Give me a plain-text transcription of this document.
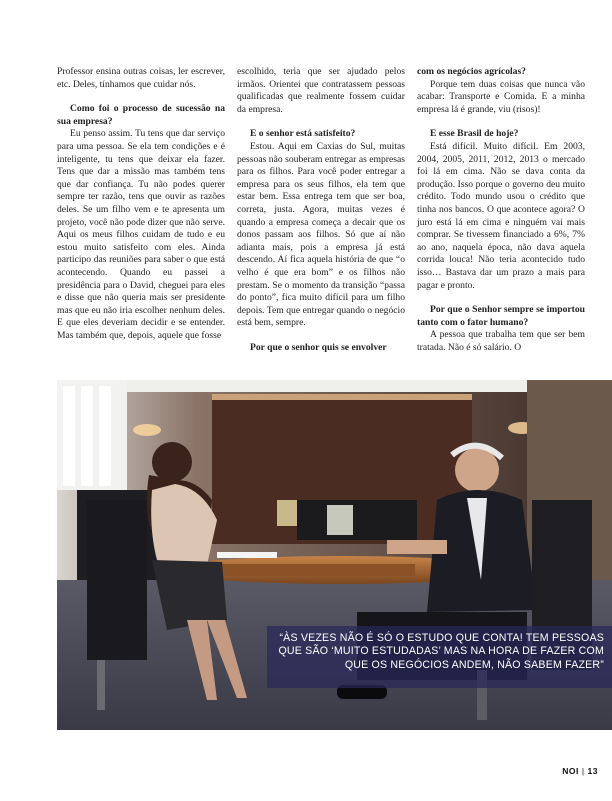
Professor ensina outras coisas, ler escrever, etc. Deles, tínhamos que cuidar nós.

Como foi o processo de sucessão na sua empresa?

Eu penso assim. Tu tens que dar serviço para uma pessoa. Se ela tem condições e é inteligente, tu tens que deixar ela fazer. Tens que dar a missão mas também tens que dar confiança. Tu não podes querer sempre ter razão, tens que ouvir as razões deles. Se um filho vem e te apresenta um projeto, você não pode dizer que não serve. Aqui os meus filhos cuidam de tudo e eu estou muito satisfeito com eles. Ainda participo das reuniões para saber o que está acontecendo. Quando eu passei a presidência para o David, cheguei para eles e disse que não queria mais ser presidente mas que eu não iria escolher nenhum deles. E que eles deveriam decidir e se entender. Mas também que, depois, aquele que fosse

escolhido, teria que ser ajudado pelos irmãos. Orientei que contratassem pessoas qualificadas que realmente fossem cuidar da empresa.

E o senhor está satisfeito?

Estou. Aqui em Caxias do Sul, muitas pessoas não souberam entregar as empresas para os filhos. Para você poder entregar a empresa para os seus filhos, ela tem que estar bem. Essa entrega tem que ser boa, correta, justa. Agora, muitas vezes é quando a empresa começa a decair que os donos passam aos filhos. Só que aí não adianta mais, pois a empresa já está descendo. Aí fica aquela história de que “o velho é que era bom” e os filhos não prestam. Se o momento da transição “passa do ponto”, fica muito difícil para um filho depois. Tem que entregar quando o negócio está bem, sempre.

Por que o senhor quis se envolver

com os negócios agrícolas?

Porque tem duas coisas que nunca vão acabar: Transporte e Comida. E a minha empresa lá é grande, viu (risos)!

E esse Brasil de hoje?

Está difícil. Muito difícil. Em 2003, 2004, 2005, 2011, 2012, 2013 o mercado foi lá em cima. Não se dava conta da produção. Isso porque o governo deu muito crédito. Todo mundo usou o crédito que tinha nos bancos. O que acontece agora? O juro está lá em cima e ninguém vai mais comprar. Se tivessem financiado a 6%, 7% ao ano, naquela época, não dava aquela corrida louca! Não teria acontecido tudo isso… Bastava dar um prazo a mais para pagar e pronto.

Por que o Senhor sempre se importou tanto com o fator humano?

A pessoa que trabalha tem que ser bem tratada. Não é só salário. O

“ÀS VEZES NÃO É SÓ O ESTUDO QUE CONTA! TEM PESSOAS QUE SÃO ‘MUITO ESTUDADAS’ MAS NA HORA DE FAZER COM QUE OS NEGÓCIOS ANDEM, NÃO SABEM FAZER”
NOI | 13
